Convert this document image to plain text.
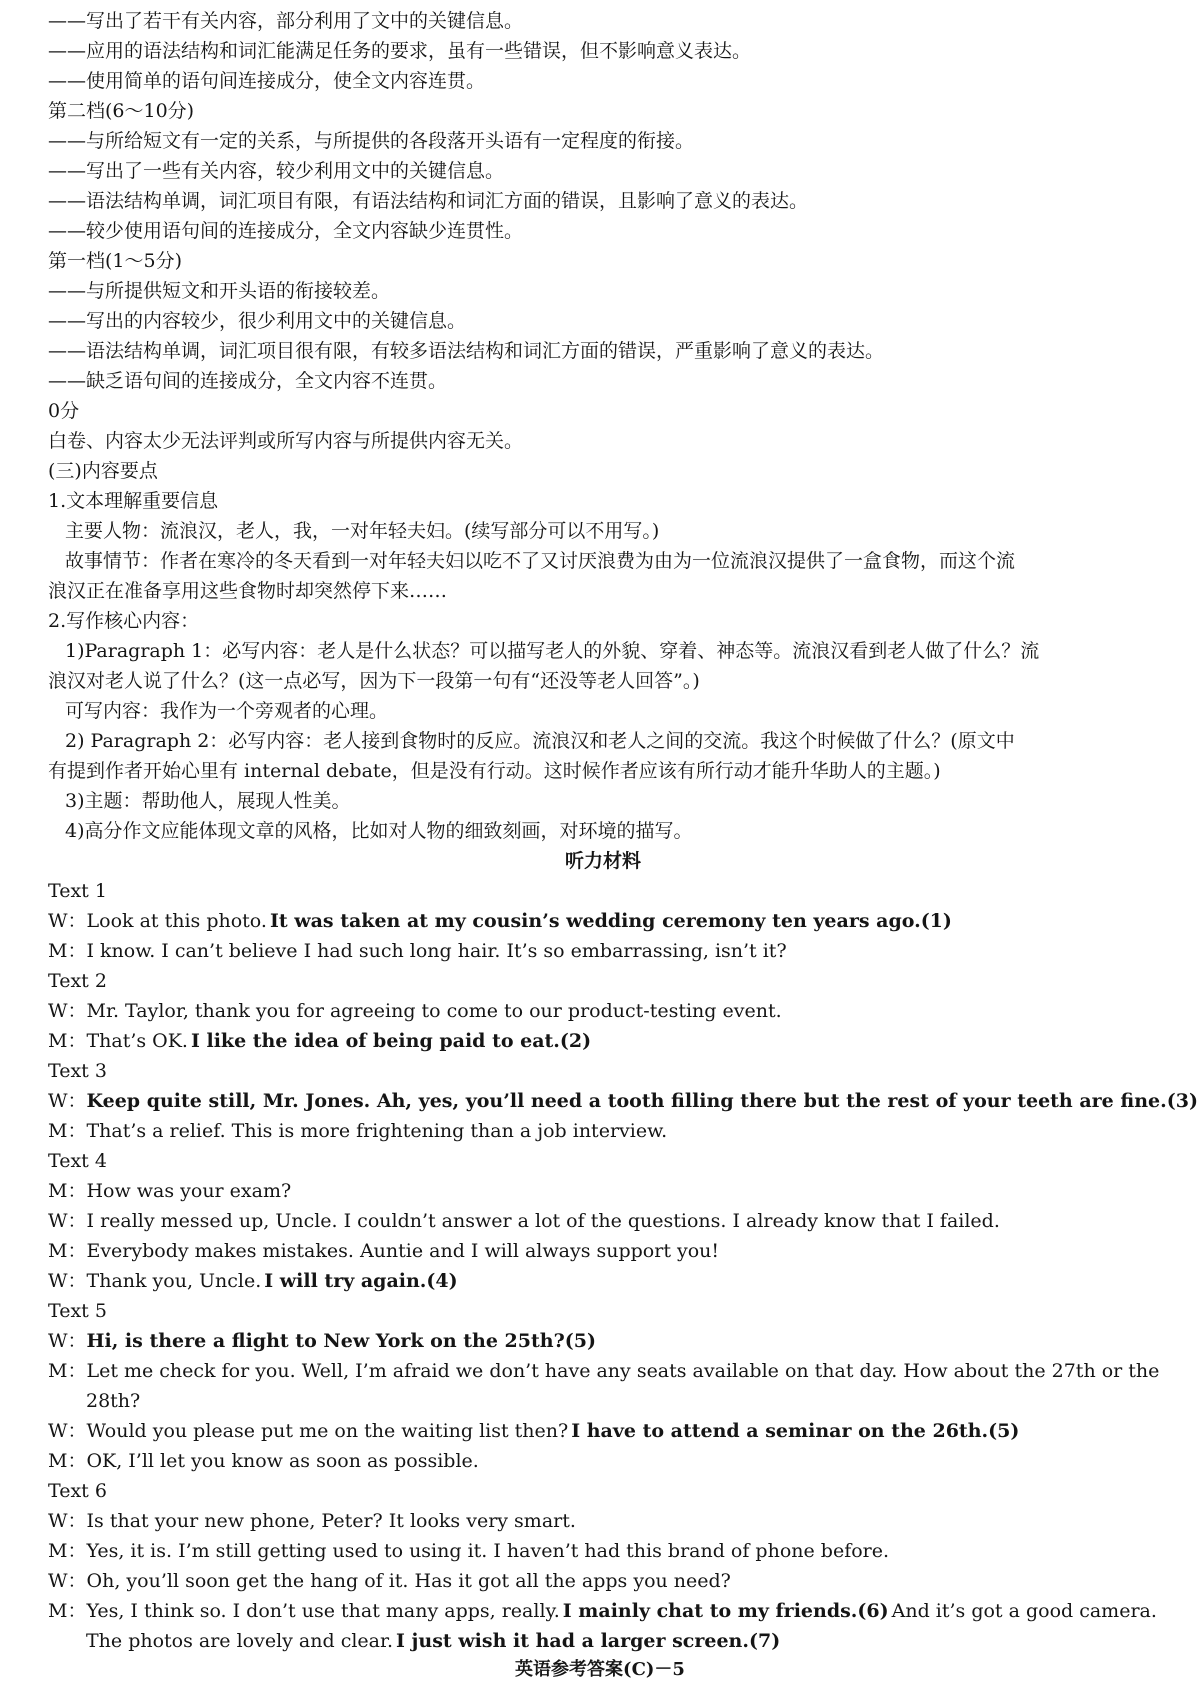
——写出了若干有关内容，部分利用了文中的关键信息。
——应用的语法结构和词汇能满足任务的要求，虽有一些错误，但不影响意义表达。
——使用简单的语句间连接成分，使全文内容连贯。
第二档(6～10分)
——与所给短文有一定的关系，与所提供的各段落开头语有一定程度的衔接。
——写出了一些有关内容，较少利用文中的关键信息。
——语法结构单调，词汇项目有限，有语法结构和词汇方面的错误，且影响了意义的表达。
——较少使用语句间的连接成分，全文内容缺少连贯性。
第一档(1～5分)
——与所提供短文和开头语的衔接较差。
——写出的内容较少，很少利用文中的关键信息。
——语法结构单调，词汇项目很有限，有较多语法结构和词汇方面的错误，严重影响了意义的表达。
——缺乏语句间的连接成分，全文内容不连贯。
0分
白卷、内容太少无法评判或所写内容与所提供内容无关。
(三)内容要点
1.文本理解重要信息
主要人物：流浪汉，老人，我，一对年轻夫妇。(续写部分可以不用写。)
故事情节：作者在寒冷的冬天看到一对年轻夫妇以吃不了又讨厌浪费为由为一位流浪汉提供了一盒食物，而这个流
浪汉正在准备享用这些食物时却突然停下来……
2.写作核心内容：
1)Paragraph 1：必写内容：老人是什么状态？可以描写老人的外貌、穿着、神态等。流浪汉看到老人做了什么？流
浪汉对老人说了什么？(这一点必写，因为下一段第一句有“还没等老人回答”。)
可写内容：我作为一个旁观者的心理。
2) Paragraph 2：必写内容：老人接到食物时的反应。流浪汉和老人之间的交流。我这个时候做了什么？(原文中
有提到作者开始心里有 internal debate，但是没有行动。这时候作者应该有所行动才能升华助人的主题。)
3)主题：帮助他人，展现人性美。
4)高分作文应能体现文章的风格，比如对人物的细致刻画，对环境的描写。
听力材料
Text 1
W：Look at this photo. It was taken at my cousin’s wedding ceremony ten years ago.(1)
M：I know. I can’t believe I had such long hair. It’s so embarrassing, isn’t it?
Text 2
W：Mr. Taylor, thank you for agreeing to come to our product-testing event.
M：That’s OK. I like the idea of being paid to eat.(2)
Text 3
W：Keep quite still, Mr. Jones. Ah, yes, you’ll need a tooth filling there but the rest of your teeth are fine.(3)
M：That’s a relief. This is more frightening than a job interview.
Text 4
M：How was your exam?
W：I really messed up, Uncle. I couldn’t answer a lot of the questions. I already know that I failed.
M：Everybody makes mistakes. Auntie and I will always support you!
W：Thank you, Uncle. I will try again.(4)
Text 5
W：Hi, is there a flight to New York on the 25th?(5)
M：Let me check for you. Well, I’m afraid we don’t have any seats available on that day. How about the 27th or the
28th?
W：Would you please put me on the waiting list then? I have to attend a seminar on the 26th.(5)
M：OK, I’ll let you know as soon as possible.
Text 6
W：Is that your new phone, Peter? It looks very smart.
M：Yes, it is. I’m still getting used to using it. I haven’t had this brand of phone before.
W：Oh, you’ll soon get the hang of it. Has it got all the apps you need?
M：Yes, I think so. I don’t use that many apps, really. I mainly chat to my friends.(6) And it’s got a good camera.
The photos are lovely and clear. I just wish it had a larger screen.(7)
英语参考答案(C)－5
